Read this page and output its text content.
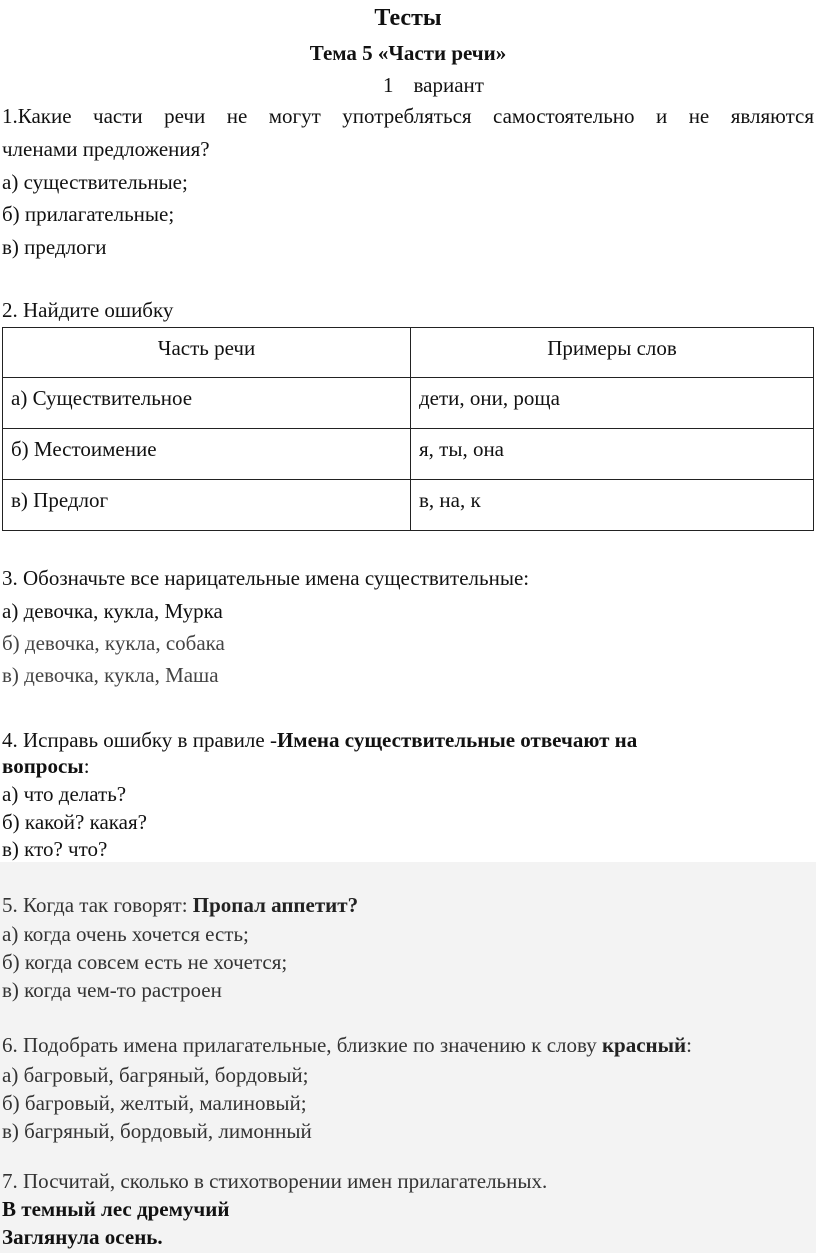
Тесты
Тема 5 «Части речи»
1 вариант
1.Какие части речи не могут употребляться самостоятельно и не являются
членами предложения?
а) существительные;
б) прилагательные;
в) предлоги
2. Найдите ошибку
Часть речи	Примеры слов
а) Существительное	дети, они, роща
б) Местоимение	я, ты, она
в) Предлог	в, на, к
3. Обозначьте все нарицательные имена существительные:
а) девочка, кукла, Мурка
б) девочка, кукла, собака
в) девочка, кукла, Маша
4. Исправь ошибку в правиле -Имена существительные отвечают на
вопросы:
а) что делать?
б) какой? какая?
в) кто? что?
5. Когда так говорят: Пропал аппетит?
а) когда очень хочется есть;
б) когда совсем есть не хочется;
в) когда чем-то растроен
6. Подобрать имена прилагательные, близкие по значению к слову красный:
а) багровый, багряный, бордовый;
б) багровый, желтый, малиновый;
в) багряный, бордовый, лимонный
7. Посчитай, сколько в стихотворении имен прилагательных.
В темный лес дремучий
Заглянула осень.
